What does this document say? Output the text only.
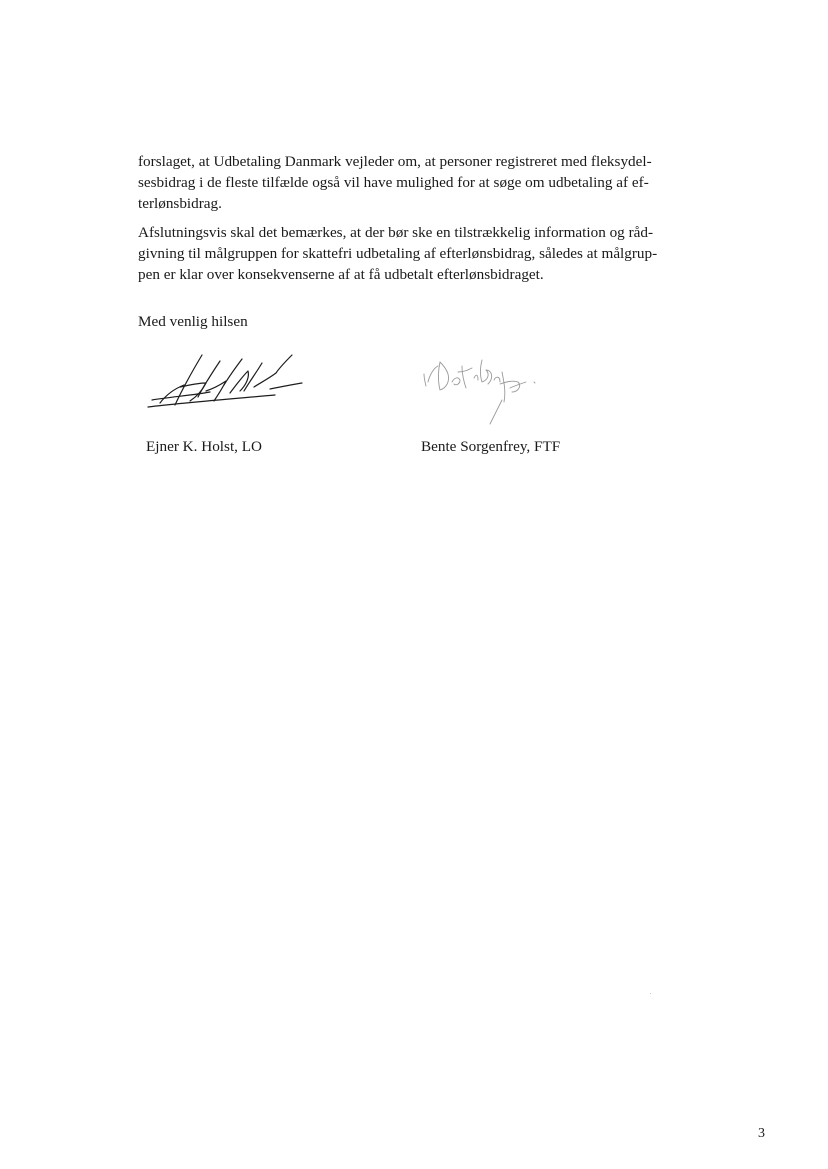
forslaget, at Udbetaling Danmark vejleder om, at personer registreret med fleksydel-
sesbidrag i de fleste tilfælde også vil have mulighed for at søge om udbetaling af ef-
terlønsbidrag.

Afslutningsvis skal det bemærkes, at der bør ske en tilstrækkelig information og råd-
givning til målgruppen for skattefri udbetaling af efterlønsbidrag, således at målgrup-
pen er klar over konsekvenserne af at få udbetalt efterlønsbidraget.

Med venlig hilsen
Ejner K. Holst, LO	Bente Sorgenfrey, FTF
3
